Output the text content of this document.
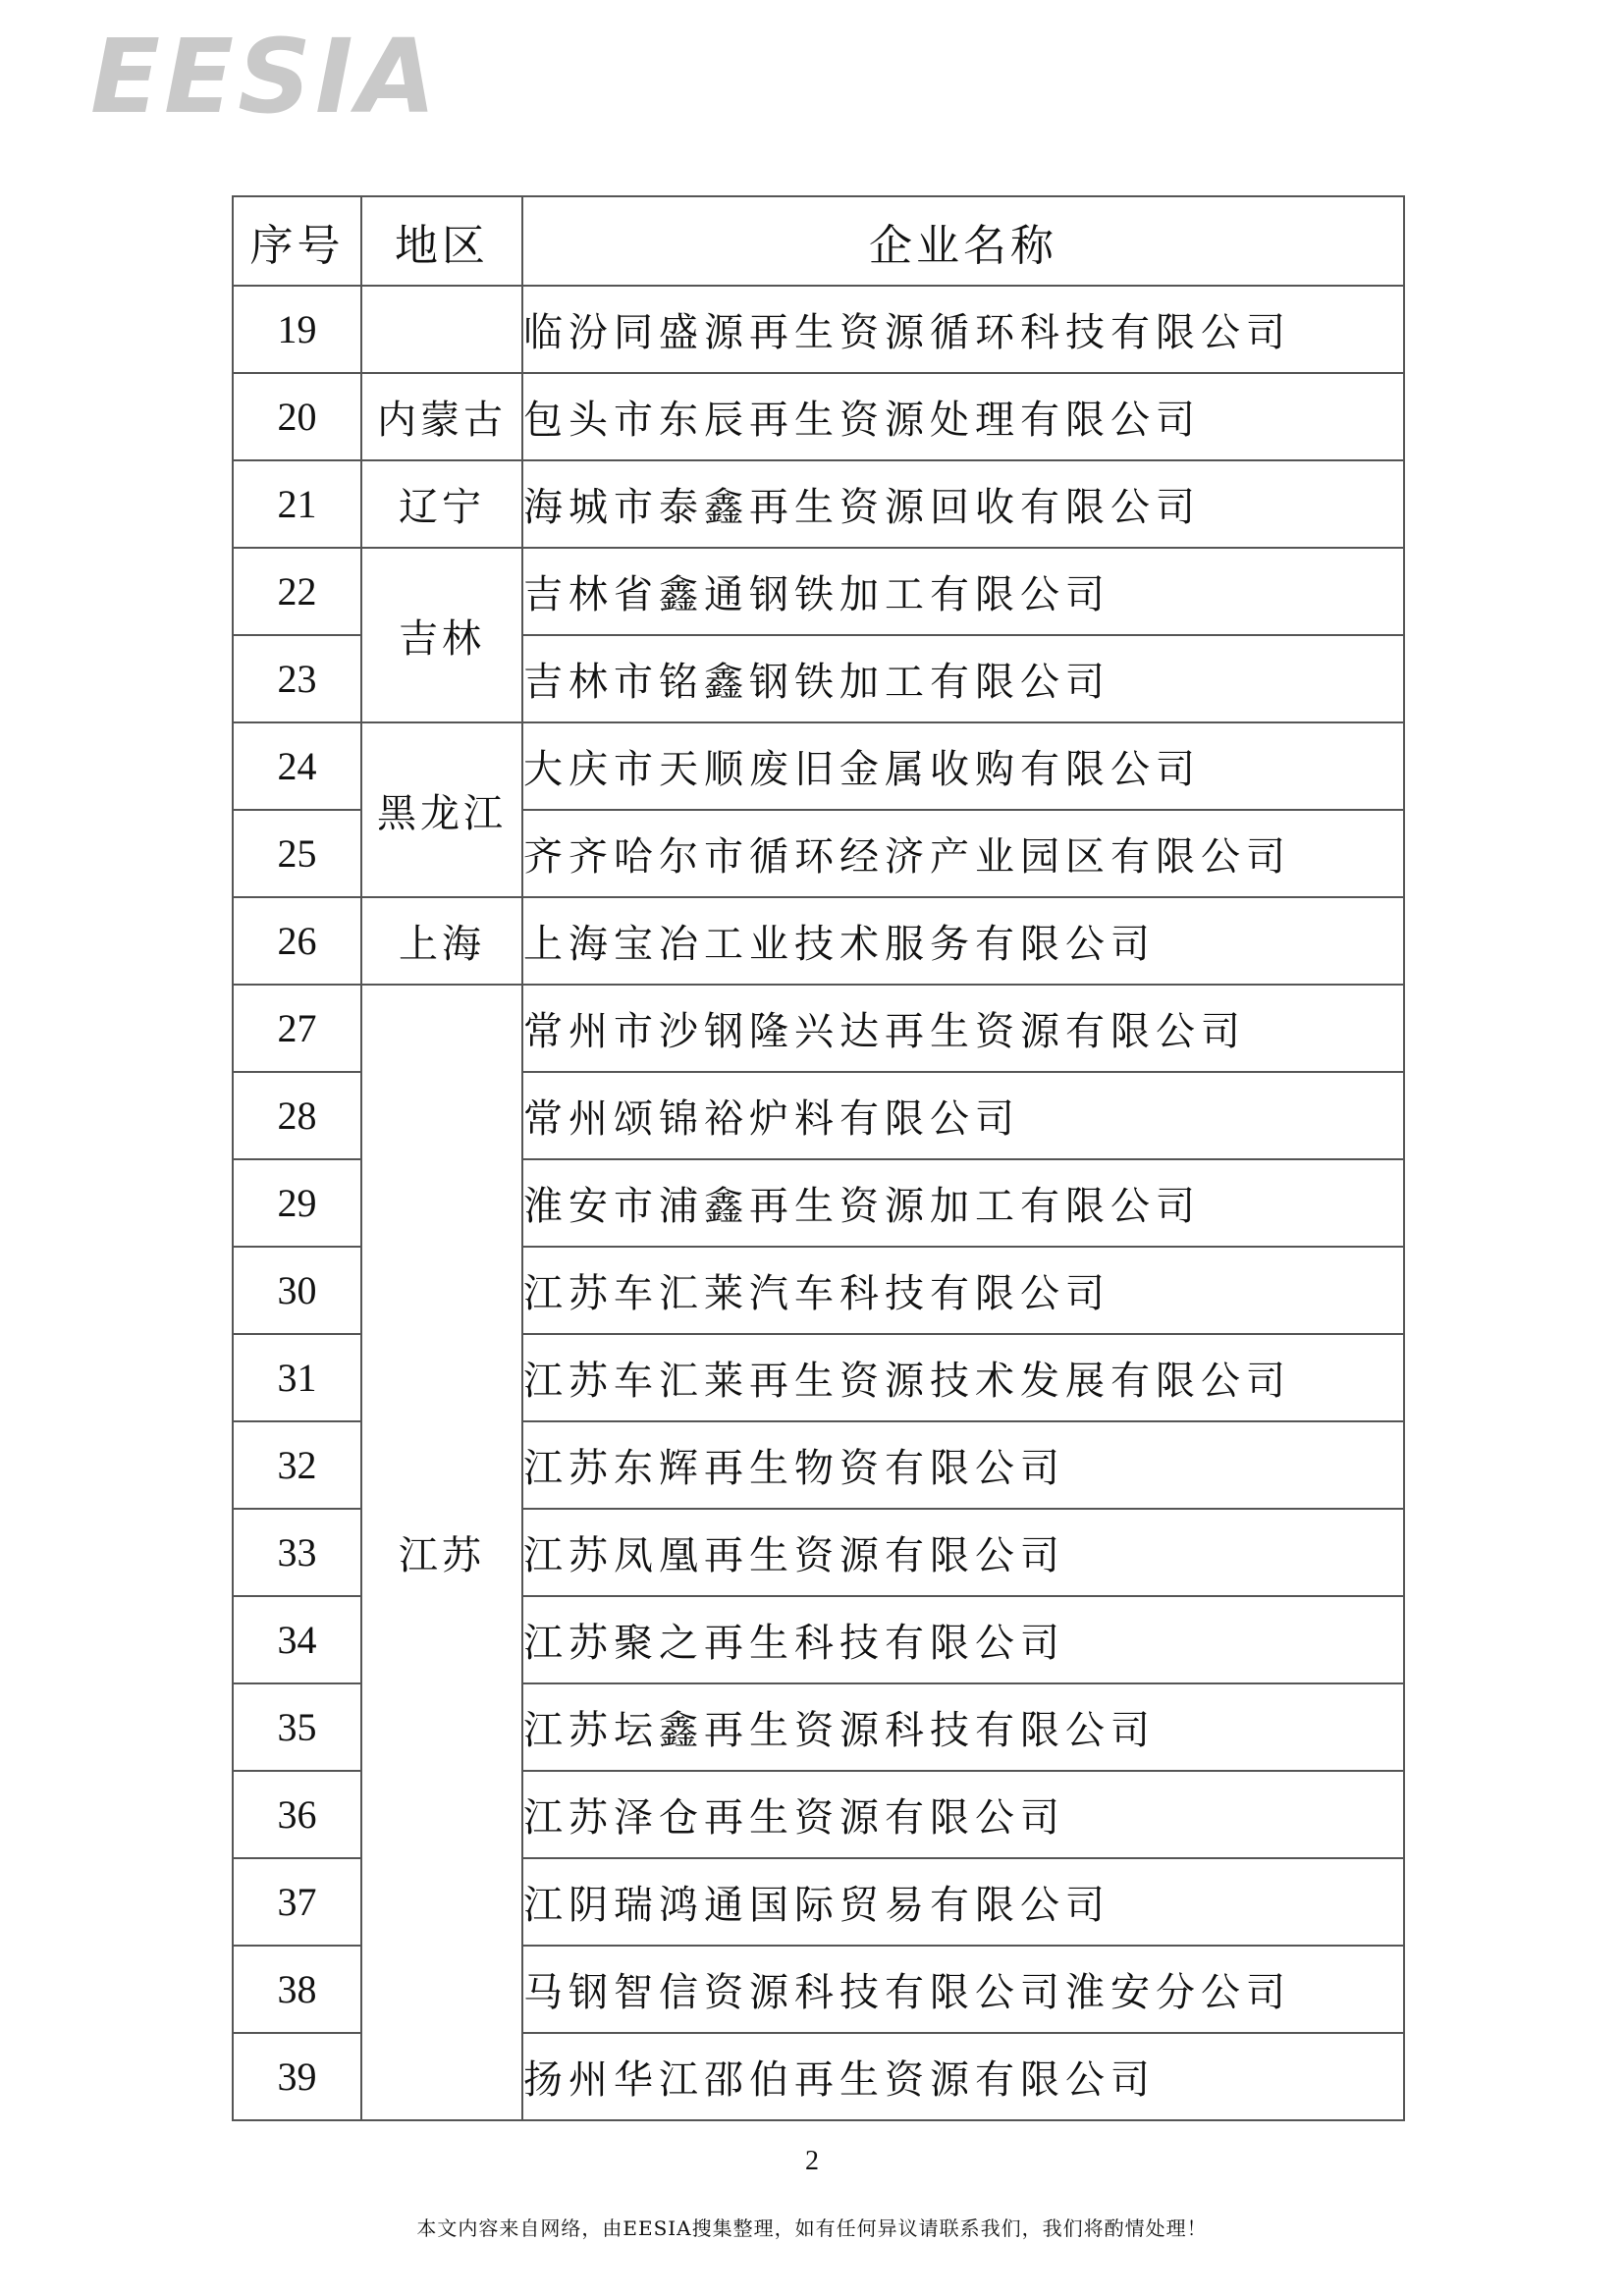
EESIA
序号	地区	企业名称
19		临汾同盛源再生资源循环科技有限公司
20	内蒙古	包头市东辰再生资源处理有限公司
21	辽宁	海城市泰鑫再生资源回收有限公司
22	吉林	吉林省鑫通钢铁加工有限公司
23		吉林市铭鑫钢铁加工有限公司
24	黑龙江	大庆市天顺废旧金属收购有限公司
25		齐齐哈尔市循环经济产业园区有限公司
26	上海	上海宝冶工业技术服务有限公司
27	江苏	常州市沙钢隆兴达再生资源有限公司
28		常州颂锦裕炉料有限公司
29		淮安市浦鑫再生资源加工有限公司
30		江苏车汇莱汽车科技有限公司
31		江苏车汇莱再生资源技术发展有限公司
32		江苏东辉再生物资有限公司
33		江苏凤凰再生资源有限公司
34		江苏聚之再生科技有限公司
35		江苏坛鑫再生资源科技有限公司
36		江苏泽仓再生资源有限公司
37		江阴瑞鸿通国际贸易有限公司
38		马钢智信资源科技有限公司淮安分公司
39		扬州华江邵伯再生资源有限公司
2
本文内容来自网络，由EESIA搜集整理，如有任何异议请联系我们，我们将酌情处理！
